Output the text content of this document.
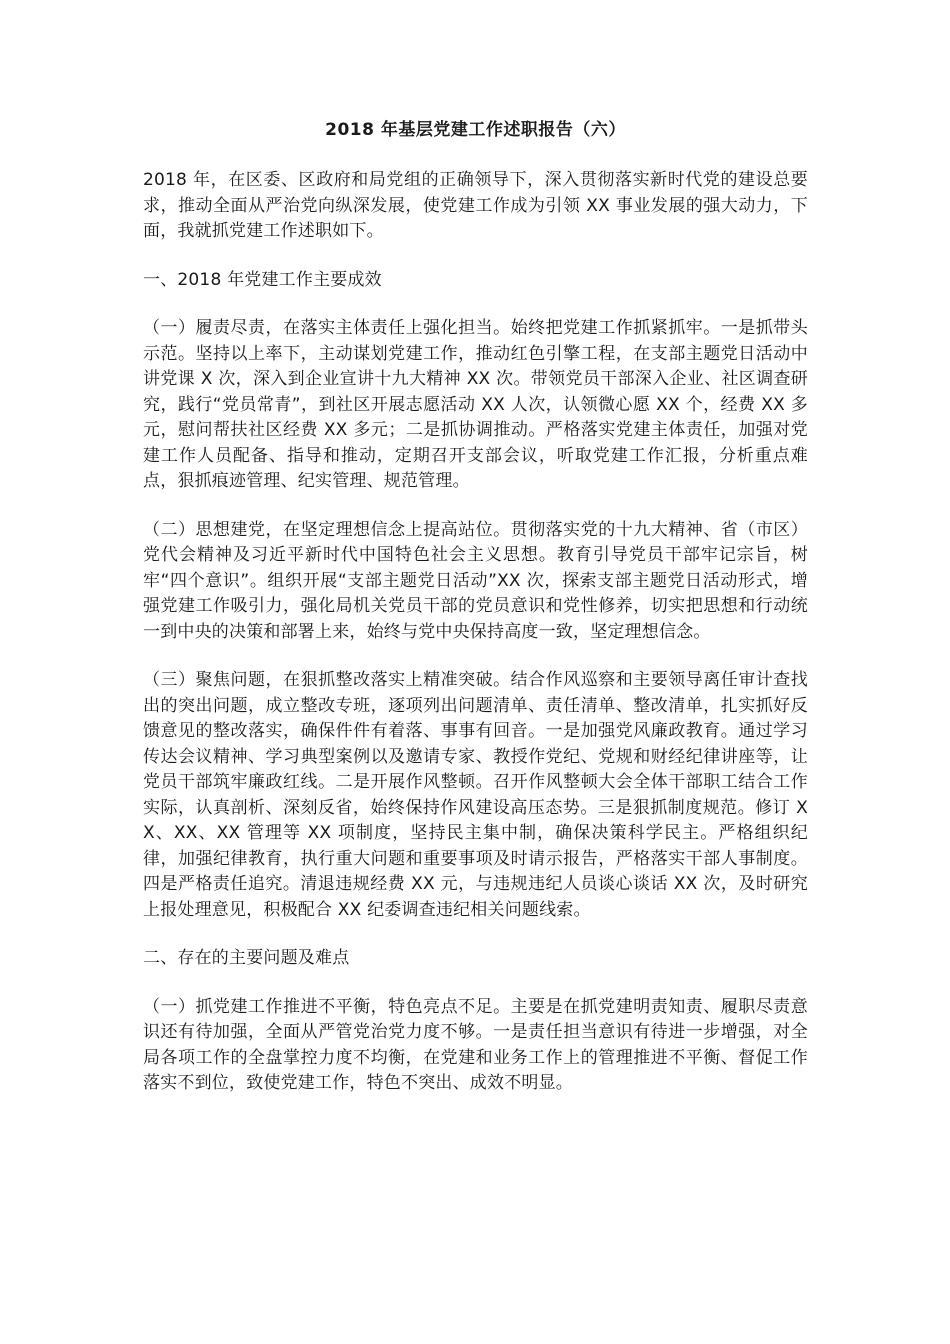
2018 年基层党建工作述职报告（六）

2018 年，在区委、区政府和局党组的正确领导下，深入贯彻落实新时代党的建设总要求，推动全面从严治党向纵深发展，使党建工作成为引领 XX 事业发展的强大动力，下面，我就抓党建工作述职如下。

一、2018 年党建工作主要成效

（一）履责尽责，在落实主体责任上强化担当。始终把党建工作抓紧抓牢。一是抓带头示范。坚持以上率下，主动谋划党建工作，推动红色引擎工程，在支部主题党日活动中讲党课 X 次，深入到企业宣讲十九大精神 XX 次。带领党员干部深入企业、社区调查研究，践行“党员常青”，到社区开展志愿活动 XX 人次，认领微心愿 XX 个，经费 XX 多元，慰问帮扶社区经费 XX 多元；二是抓协调推动。严格落实党建主体责任，加强对党建工作人员配备、指导和推动，定期召开支部会议，听取党建工作汇报，分析重点难点，狠抓痕迹管理、纪实管理、规范管理。

（二）思想建党，在坚定理想信念上提高站位。贯彻落实党的十九大精神、省（市区）党代会精神及习近平新时代中国特色社会主义思想。教育引导党员干部牢记宗旨，树牢“四个意识”。组织开展“支部主题党日活动”XX 次，探索支部主题党日活动形式，增强党建工作吸引力，强化局机关党员干部的党员意识和党性修养，切实把思想和行动统一到中央的决策和部署上来，始终与党中央保持高度一致，坚定理想信念。

（三）聚焦问题，在狠抓整改落实上精准突破。结合作风巡察和主要领导离任审计查找出的突出问题，成立整改专班，逐项列出问题清单、责任清单、整改清单，扎实抓好反馈意见的整改落实，确保件件有着落、事事有回音。一是加强党风廉政教育。通过学习传达会议精神、学习典型案例以及邀请专家、教授作党纪、党规和财经纪律讲座等，让党员干部筑牢廉政红线。二是开展作风整顿。召开作风整顿大会全体干部职工结合工作实际，认真剖析、深刻反省，始终保持作风建设高压态势。三是狠抓制度规范。修订 XX、XX、XX 管理等 XX 项制度，坚持民主集中制，确保决策科学民主。严格组织纪律，加强纪律教育，执行重大问题和重要事项及时请示报告，严格落实干部人事制度。四是严格责任追究。清退违规经费 XX 元，与违规违纪人员谈心谈话 XX 次，及时研究上报处理意见，积极配合 XX 纪委调查违纪相关问题线索。

二、存在的主要问题及难点

（一）抓党建工作推进不平衡，特色亮点不足。主要是在抓党建明责知责、履职尽责意识还有待加强，全面从严管党治党力度不够。一是责任担当意识有待进一步增强，对全局各项工作的全盘掌控力度不均衡，在党建和业务工作上的管理推进不平衡、督促工作落实不到位，致使党建工作，特色不突出、成效不明显。
